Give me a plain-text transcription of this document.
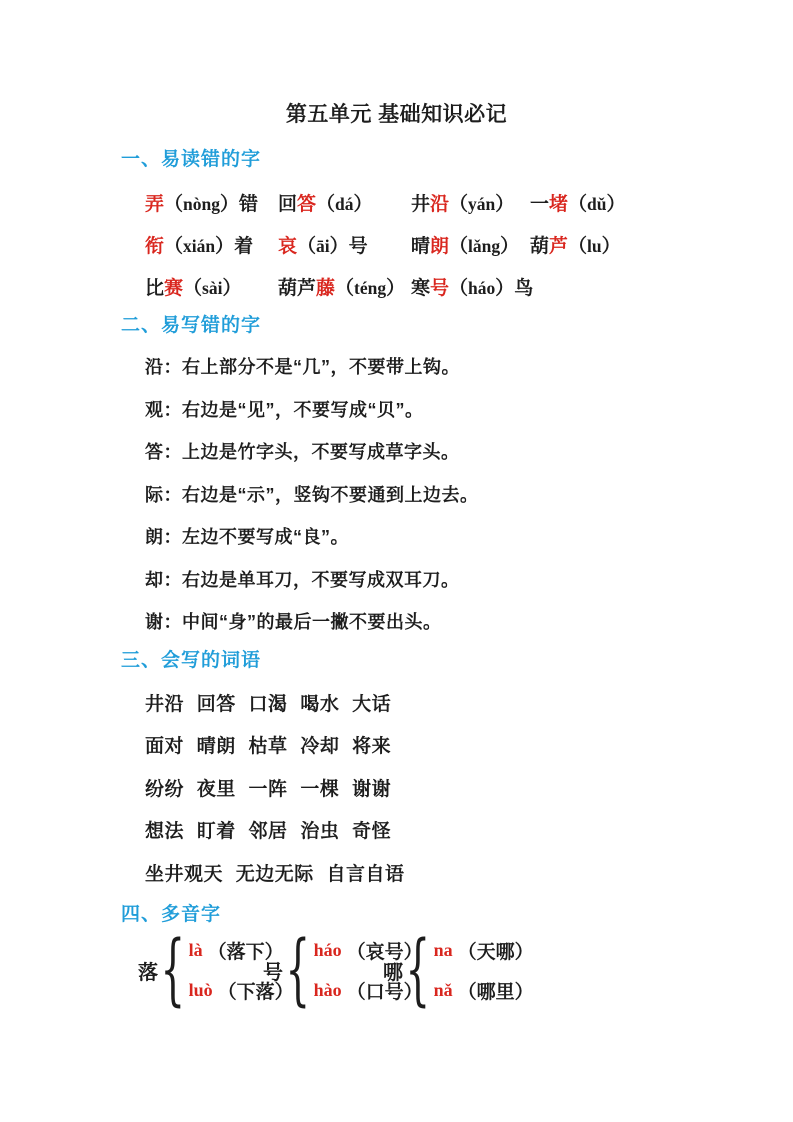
第五单元 基础知识必记
一、易读错的字
弄（nòng）错	回答（dá）	井沿（yán） 一堵（dǔ）
衔（xián）着	哀（āi）号	晴朗（lǎng） 葫芦（lu）
比赛（sài）	葫芦藤（téng） 寒号（háo）鸟
二、易写错的字

沿：右上部分不是“几”，不要带上钩。

观：右边是“见”，不要写成“贝”。

答：上边是竹字头，不要写成草字头。

际：右边是“示”，竖钩不要通到上边去。

朗：左边不要写成“良”。

却：右边是单耳刀，不要写成双耳刀。

谢：中间“身”的最后一撇不要出头。

三、会写的词语

井沿 回答 口渴 喝水 大话

面对 晴朗 枯草 冷却 将来

纷纷 夜里 一阵 一棵 谢谢

想法 盯着 邻居 治虫 奇怪

坐井观天 无边无际 自言自语

四、多音字
落 { là （落下）
luò （下落）
号 { háo （哀号）
hào （口号）
哪 { na （天哪）
nǎ （哪里）
